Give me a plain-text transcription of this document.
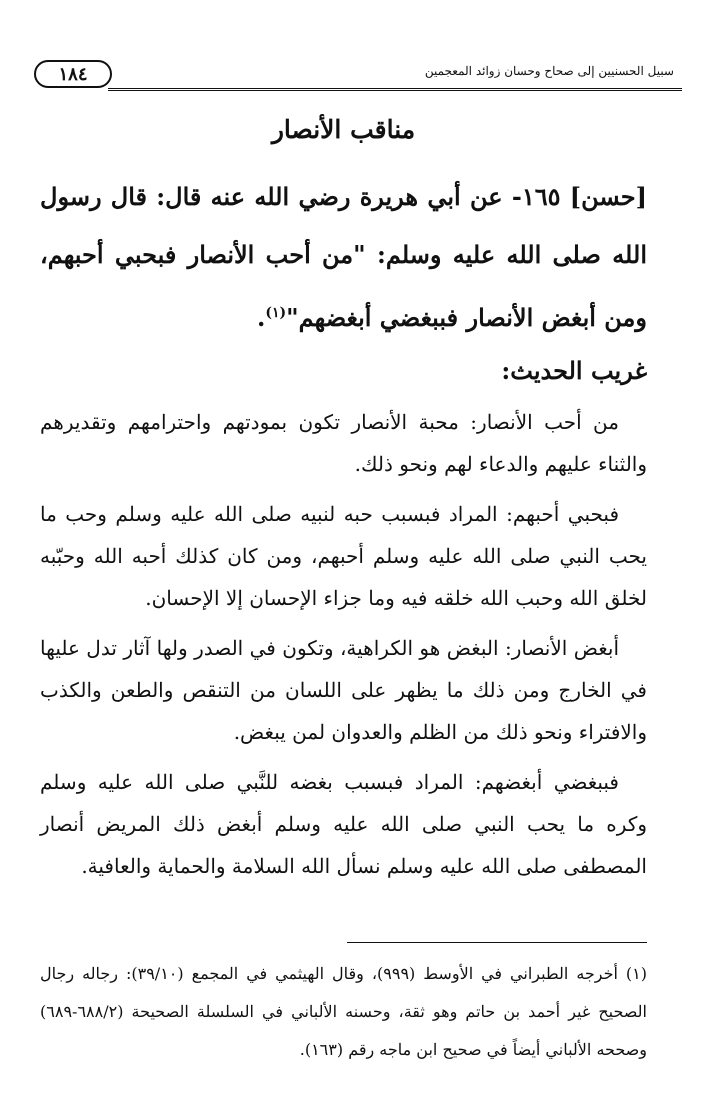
١٨٤	سبيل الحسنيين إلى صحاح وحسان زوائد المعجمين
مناقب الأنصار

[حسن] ١٦٥- عن أبي هريرة رضي الله عنه قال: قال رسول الله صلى الله عليه وسلم: "من أحب الأنصار فبحبي أحبهم، ومن أبغض الأنصار فببغضي أبغضهم"$^{(١)}$.

غريب الحديث:

من أحب الأنصار: محبة الأنصار تكون بمودتهم واحترامهم وتقديرهم والثناء عليهم والدعاء لهم ونحو ذلك.

فبحبي أحبهم: المراد فبسبب حبه لنبيه صلى الله عليه وسلم وحب ما يحب النبي صلى الله عليه وسلم أحبهم، ومن كان كذلك أحبه الله وحبّبه لخلق الله وحبب الله خلقه فيه وما جزاء الإحسان إلا الإحسان.

أبغض الأنصار: البغض هو الكراهية، وتكون في الصدر ولها آثار تدل عليها في الخارج ومن ذلك ما يظهر على اللسان من التنقص والطعن والكذب والافتراء ونحو ذلك من الظلم والعدوان لمن يبغض.

فببغضي أبغضهم: المراد فبسبب بغضه للنَّبي صلى الله عليه وسلم وكره ما يحب النبي صلى الله عليه وسلم أبغض ذلك المريض أنصار المصطفى صلى الله عليه وسلم نسأل الله السلامة والحماية والعافية.

(١) أخرجه الطبراني في الأوسط (٩٩٩)، وقال الهيثمي في المجمع (٣٩/١٠): رجاله رجال الصحيح غير أحمد بن حاتم وهو ثقة، وحسنه الألباني في السلسلة الصحيحة (٦٨٨/٢-٦٨٩) وصححه الألباني أيضاً في صحيح ابن ماجه رقم (١٦٣).
